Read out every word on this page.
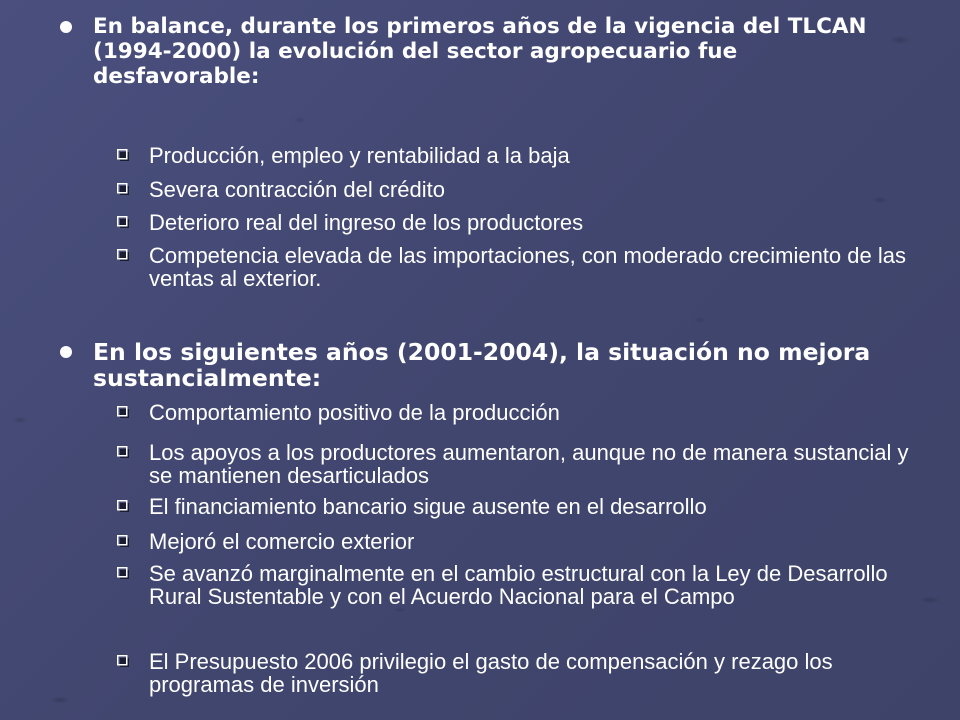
En balance, durante los primeros años de la vigencia del TLCAN (1994-2000) la evolución del sector agropecuario fue desfavorable:
Producción, empleo y rentabilidad a la baja
Severa contracción del crédito
Deterioro real del ingreso de los productores
Competencia elevada de las importaciones, con moderado crecimiento de las ventas al exterior.
En los siguientes años (2001-2004), la situación no mejora sustancialmente:
Comportamiento positivo de la producción
Los apoyos a los productores aumentaron, aunque no de manera sustancial y se mantienen desarticulados
El financiamiento bancario sigue ausente en el desarrollo
Mejoró el comercio exterior
Se avanzó marginalmente en el cambio estructural con la Ley de Desarrollo Rural Sustentable y con el Acuerdo Nacional para el Campo
El Presupuesto 2006 privilegio el gasto de compensación y rezago los programas de inversión
